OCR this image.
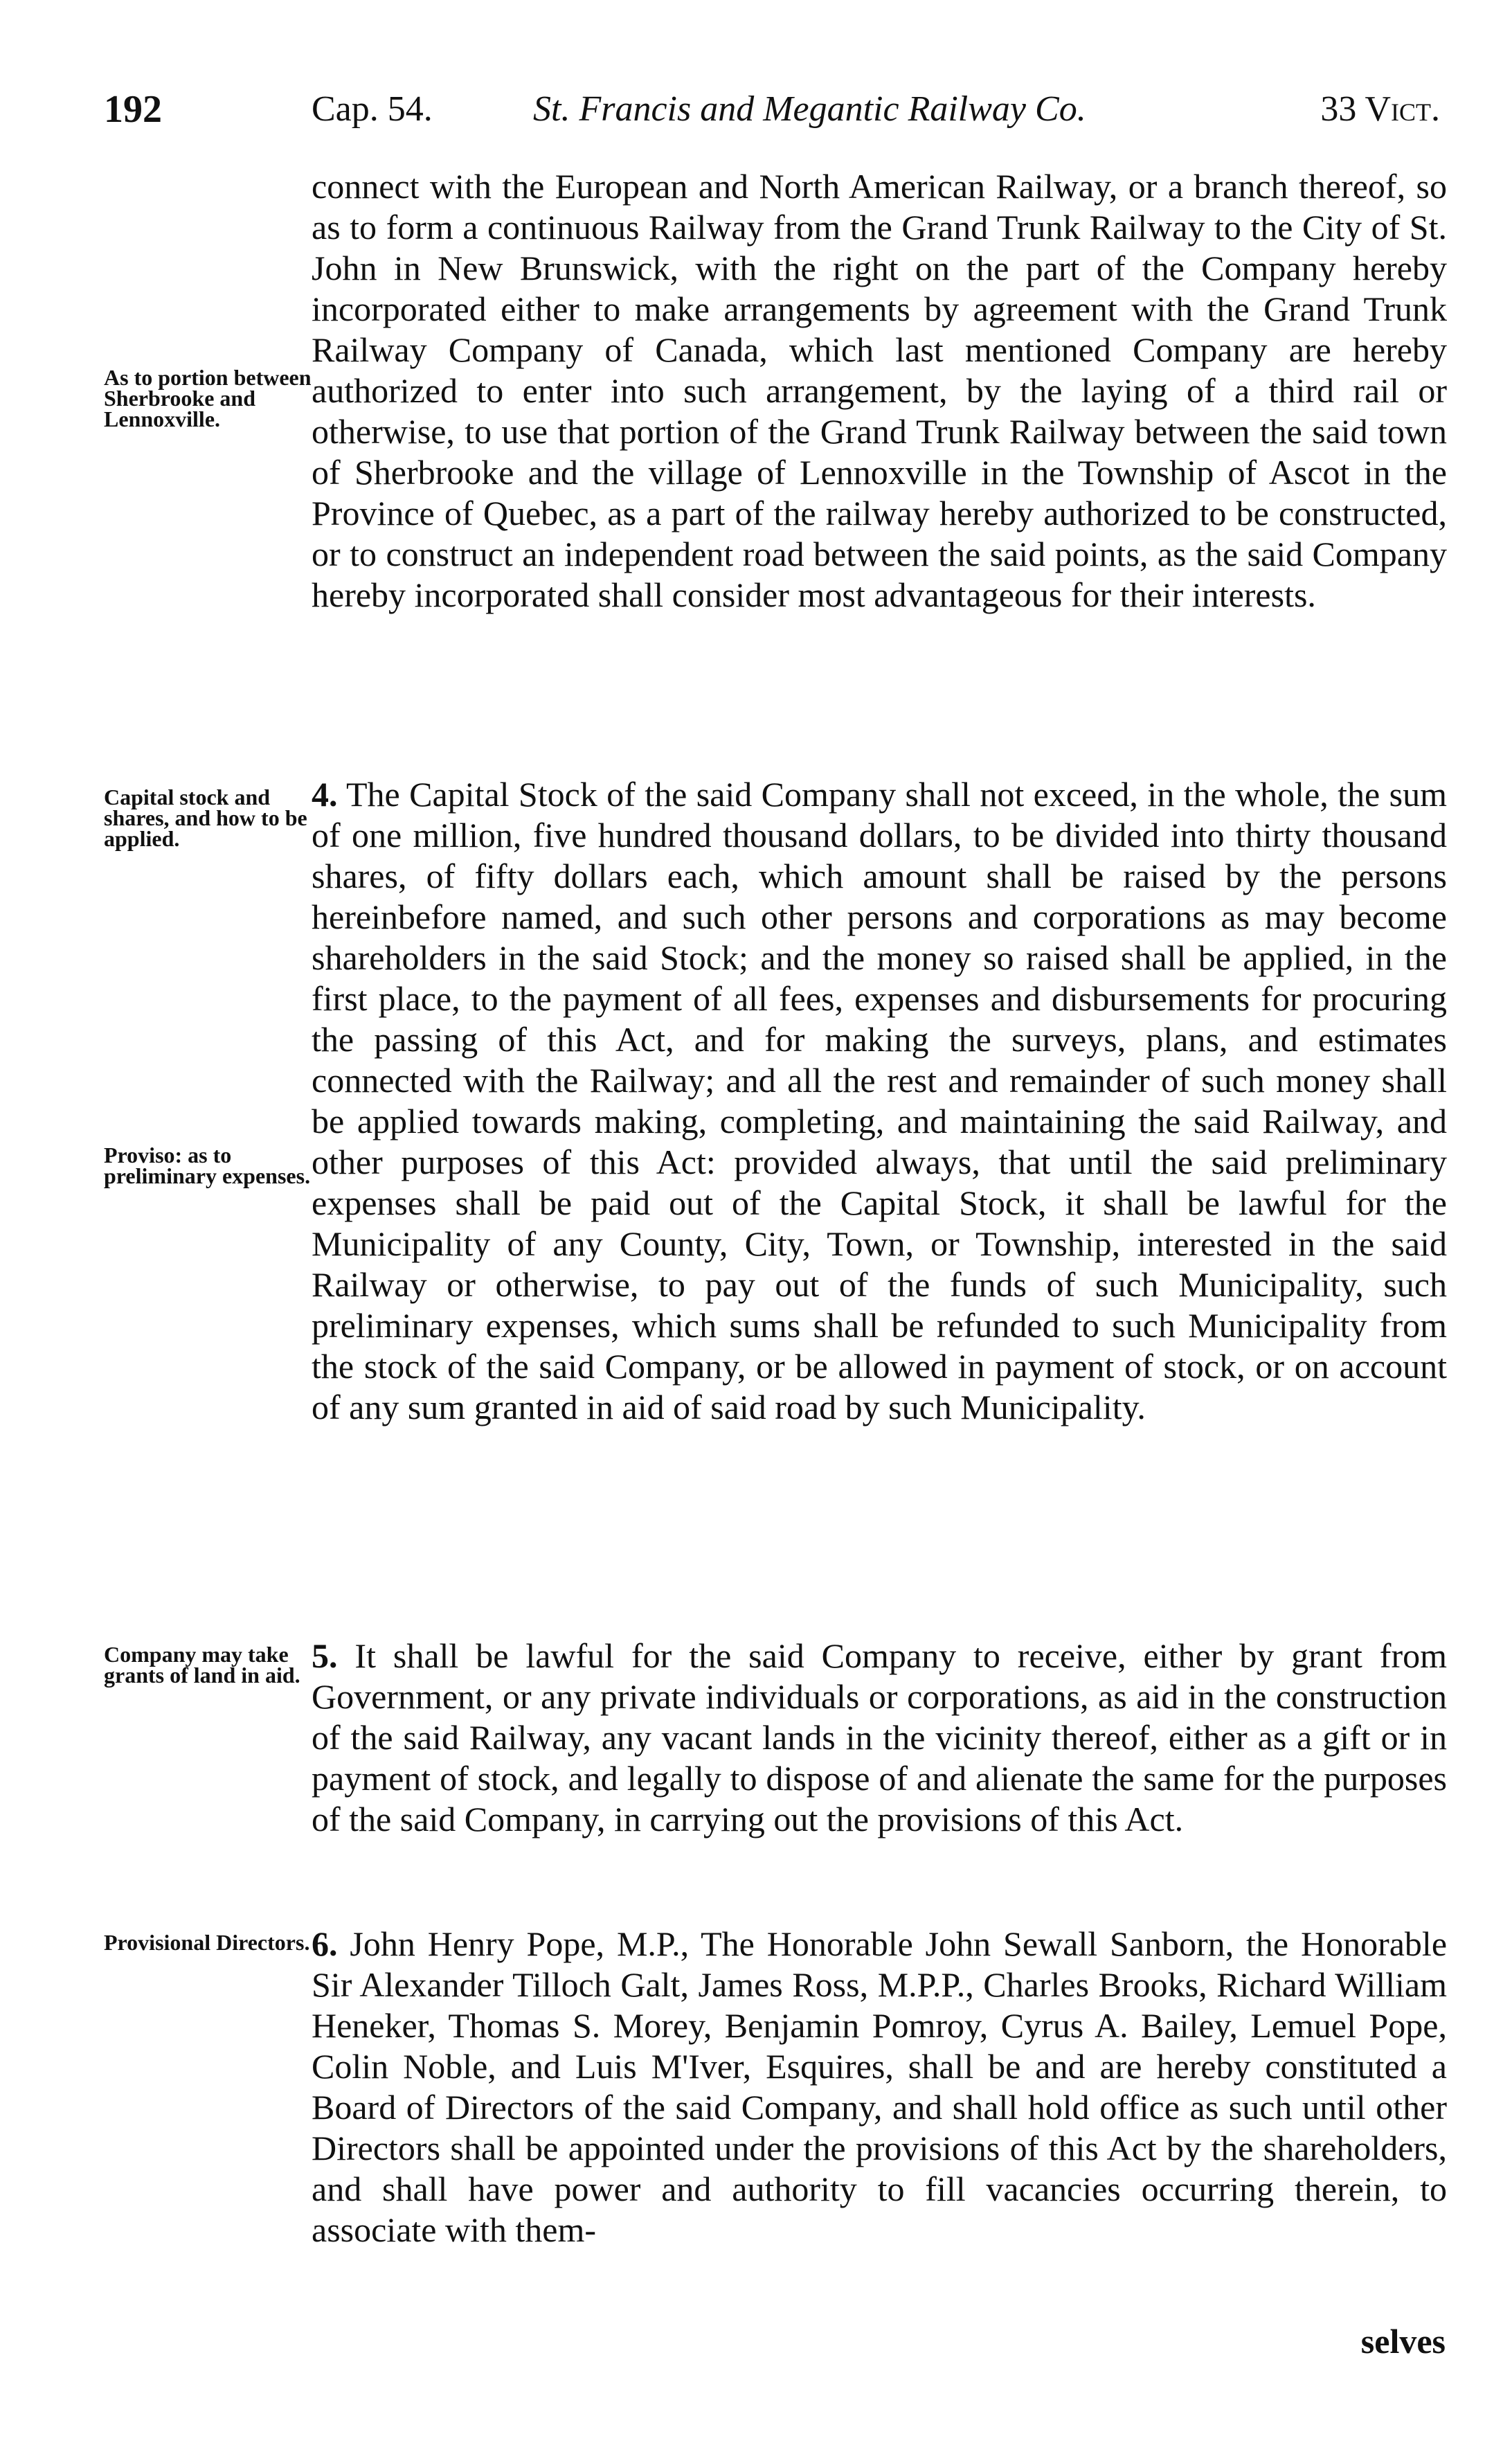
192	Cap. 54.	St. Francis and Megantic Railway Co.	33 Vict.

connect with the European and North American Railway, or a branch thereof, so as to form a continuous Railway from the Grand Trunk Railway to the City of St. John in New Brunswick, with the right on the part of the Company hereby incorporated either to make arrangements by agreement with the Grand Trunk Railway Company of Canada, which last mentioned Company are hereby authorized to enter into such arrangement, by the laying of a third rail or otherwise, to use that portion of the Grand Trunk Railway between the said town of Sherbrooke and the village of Lennoxville in the Township of Ascot in the Province of Quebec, as a part of the railway hereby authorized to be constructed, or to construct an independent road between the said points, as the said Company hereby incorporated shall consider most advantageous for their interests.

As to portion between Sherbrooke and Lennoxville.

4. The Capital Stock of the said Company shall not exceed, in the whole, the sum of one million, five hundred thousand dollars, to be divided into thirty thousand shares, of fifty dollars each, which amount shall be raised by the persons hereinbefore named, and such other persons and corporations as may become shareholders in the said Stock; and the money so raised shall be applied, in the first place, to the payment of all fees, expenses and disbursements for procuring the passing of this Act, and for making the surveys, plans, and estimates connected with the Railway; and all the rest and remainder of such money shall be applied towards making, completing, and maintaining the said Railway, and other purposes of this Act: provided always, that until the said preliminary expenses shall be paid out of the Capital Stock, it shall be lawful for the Municipality of any County, City, Town, or Township, interested in the said Railway or otherwise, to pay out of the funds of such Municipality, such preliminary expenses, which sums shall be refunded to such Municipality from the stock of the said Company, or be allowed in payment of stock, or on account of any sum granted in aid of said road by such Municipality.

Capital stock and shares, and how to be applied.

Proviso: as to preliminary expenses.

5. It shall be lawful for the said Company to receive, either by grant from Government, or any private individuals or corporations, as aid in the construction of the said Railway, any vacant lands in the vicinity thereof, either as a gift or in payment of stock, and legally to dispose of and alienate the same for the purposes of the said Company, in carrying out the provisions of this Act.

Company may take grants of land in aid.

6. John Henry Pope, M.P., The Honorable John Sewall Sanborn, the Honorable Sir Alexander Tilloch Galt, James Ross, M.P.P., Charles Brooks, Richard William Heneker, Thomas S. Morey, Benjamin Pomroy, Cyrus A. Bailey, Lemuel Pope, Colin Noble, and Luis M'Iver, Esquires, shall be and are hereby constituted a Board of Directors of the said Company, and shall hold office as such until other Directors shall be appointed under the provisions of this Act by the shareholders, and shall have power and authority to fill vacancies occurring therein, to associate with them-

Provisional Directors.

selves
